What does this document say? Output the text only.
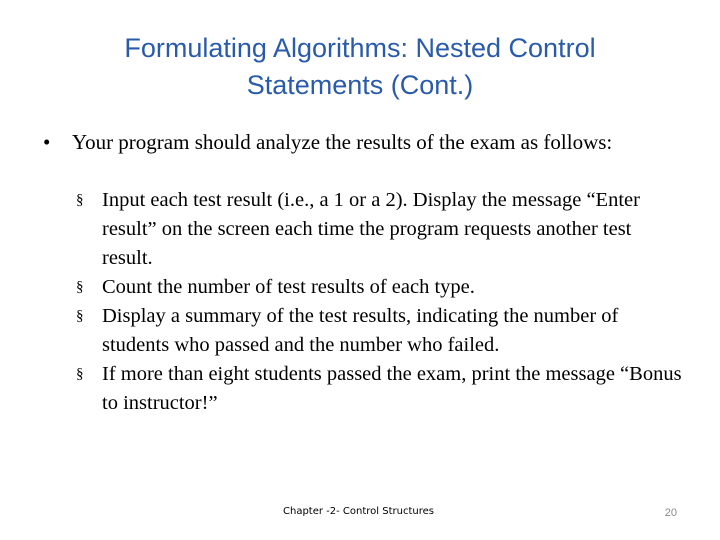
Formulating Algorithms: Nested Control
Statements (Cont.)
• Your program should analyze the results of the exam as follows:

§ Input each test result (i.e., a 1 or a 2). Display the message “Enter result” on the screen each time the program requests another test result.

§ Count the number of test results of each type.

§ Display a summary of the test results, indicating the number of students who passed and the number who failed.

§ If more than eight students passed the exam, print the message “Bonus to instructor!”

Chapter -2- Control Structures	20
